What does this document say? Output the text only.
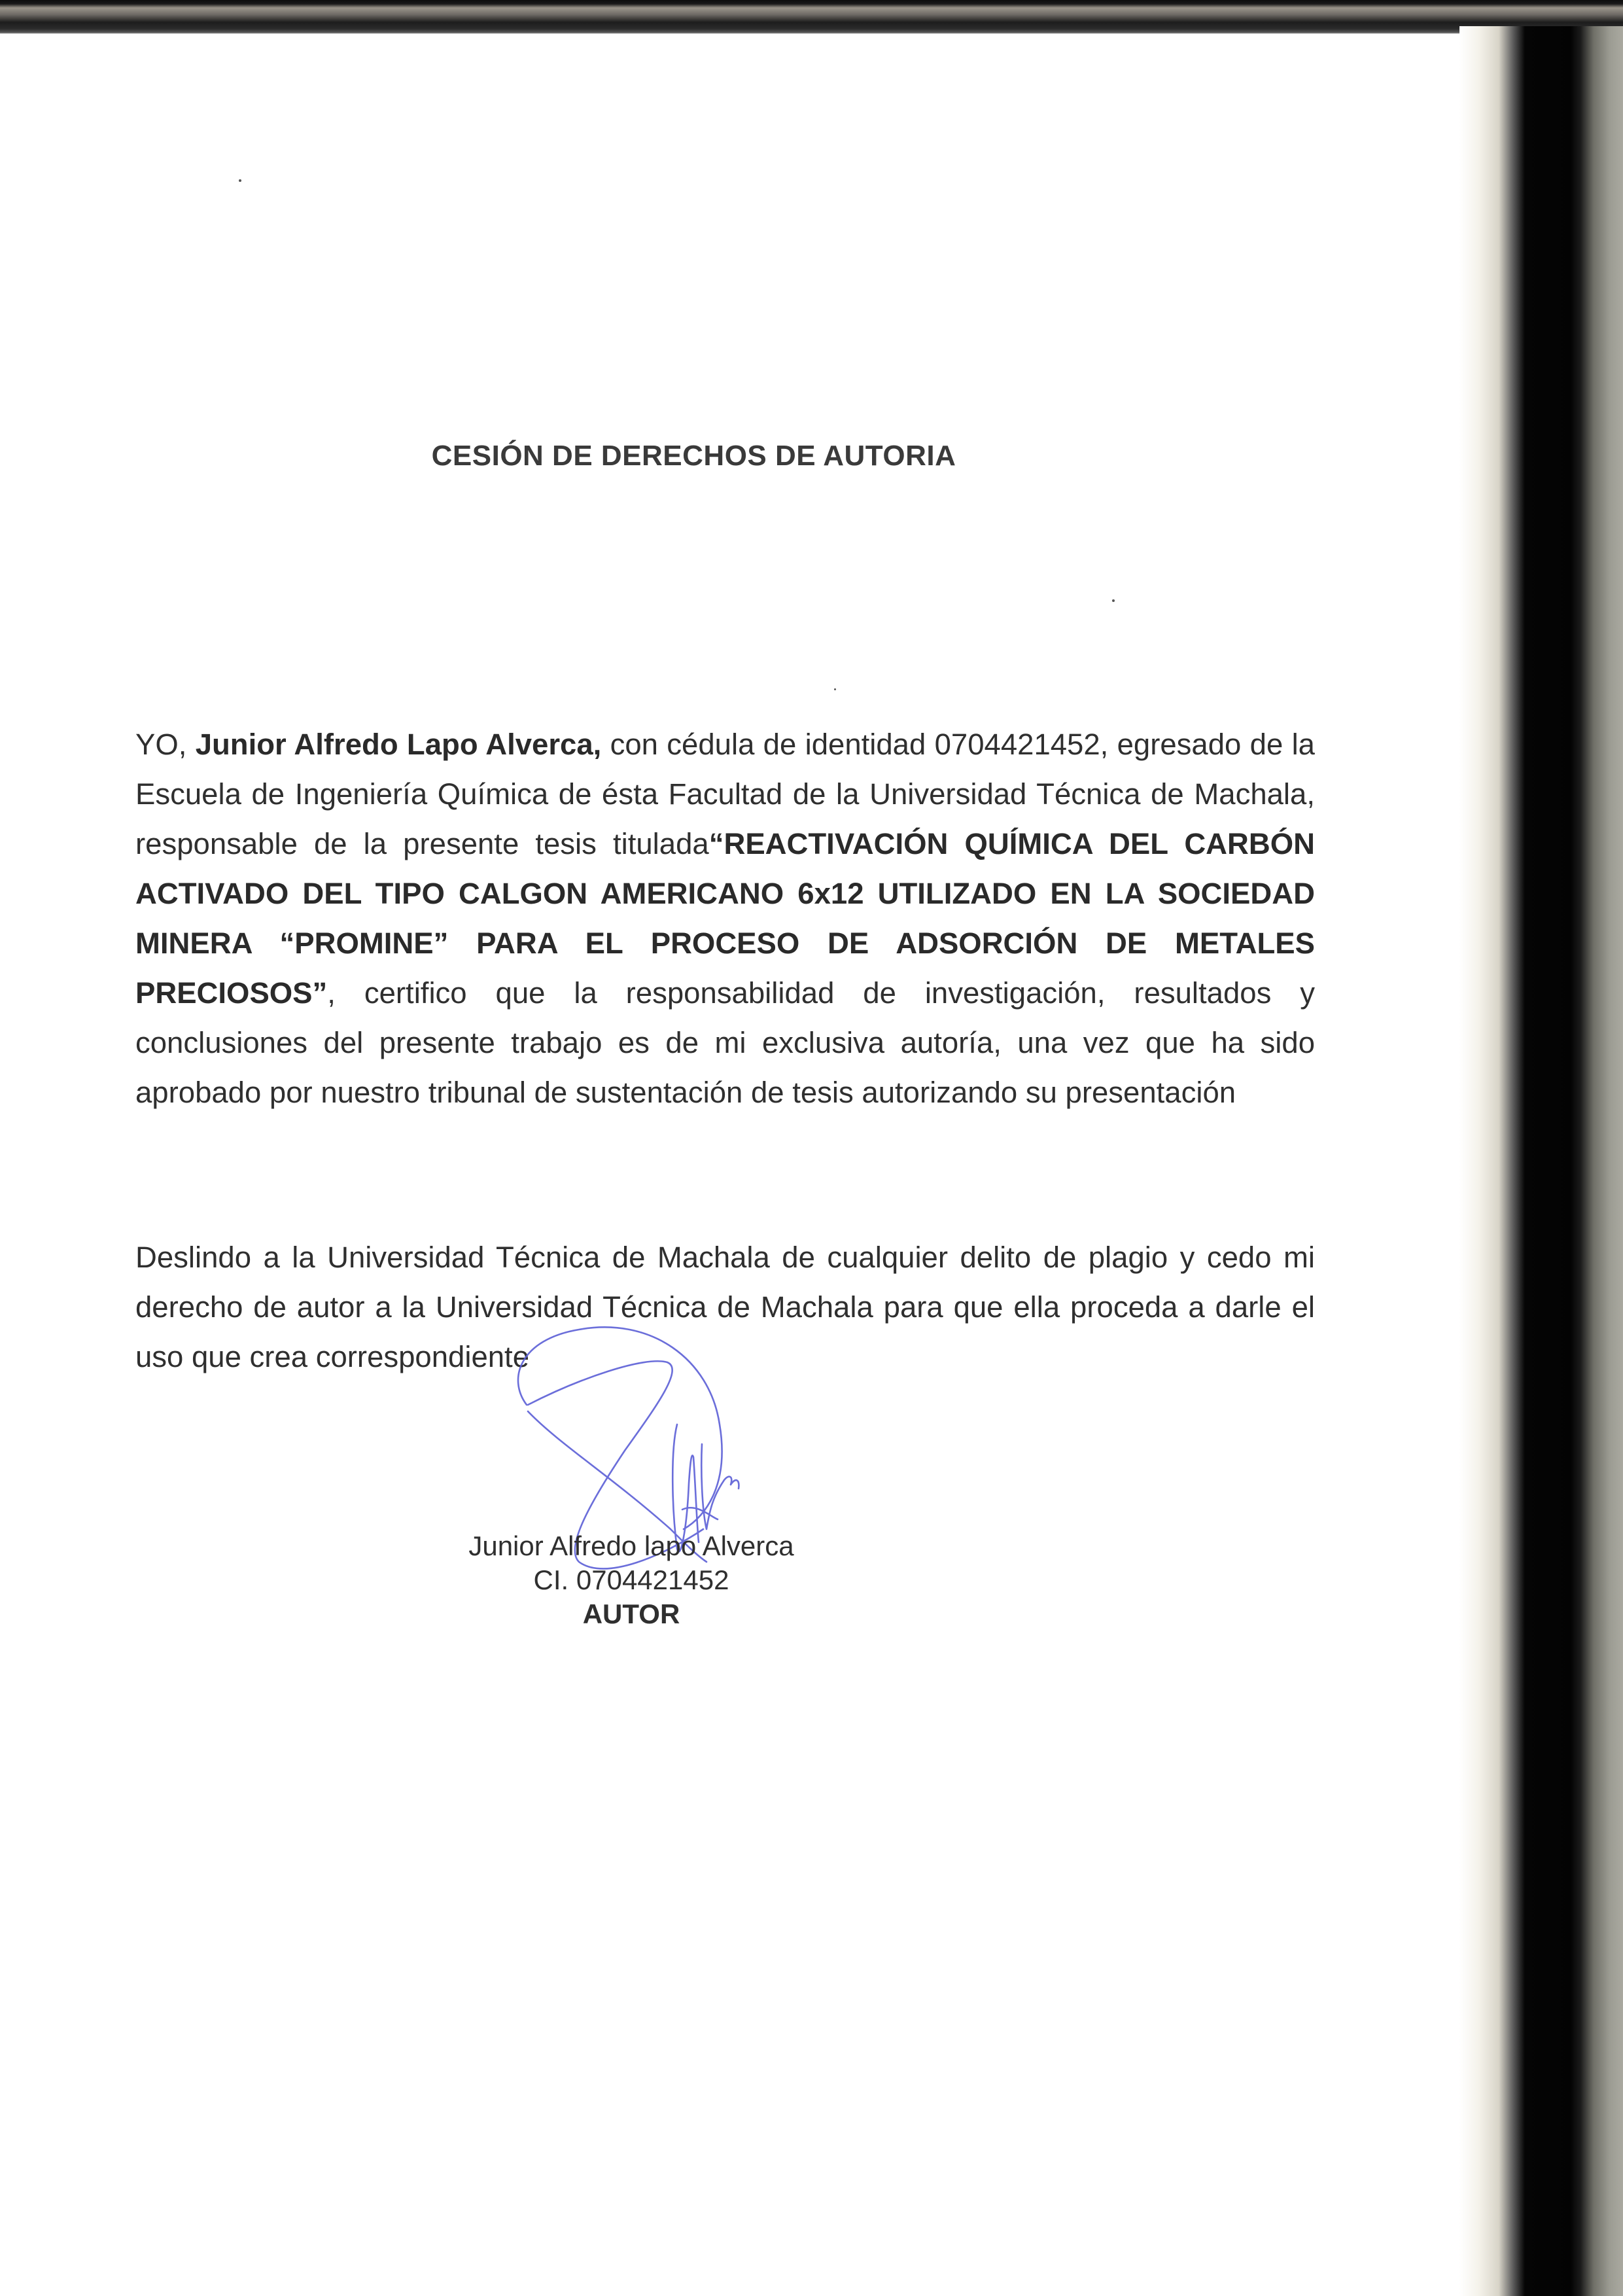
CESIÓN DE DERECHOS DE AUTORIA

YO, Junior Alfredo Lapo Alverca, con cédula de identidad 0704421452, egresado de la Escuela de Ingeniería Química de ésta Facultad de la Universidad Técnica de Machala, responsable de la presente tesis titulada“REACTIVACIÓN QUÍMICA DEL CARBÓN ACTIVADO DEL TIPO CALGON AMERICANO 6x12 UTILIZADO EN LA SOCIEDAD MINERA “PROMINE” PARA EL PROCESO DE ADSORCIÓN DE METALES PRECIOSOS”, certifico que la responsabilidad de investigación, resultados y conclusiones del presente trabajo es de mi exclusiva autoría, una vez que ha sido aprobado por nuestro tribunal de sustentación de tesis autorizando su presentación

Deslindo a la Universidad Técnica de Machala de cualquier delito de plagio y cedo mi derecho de autor a la Universidad Técnica de Machala para que ella proceda a darle el uso que crea correspondiente

Junior Alfredo lapo Alverca
CI. 0704421452
AUTOR
